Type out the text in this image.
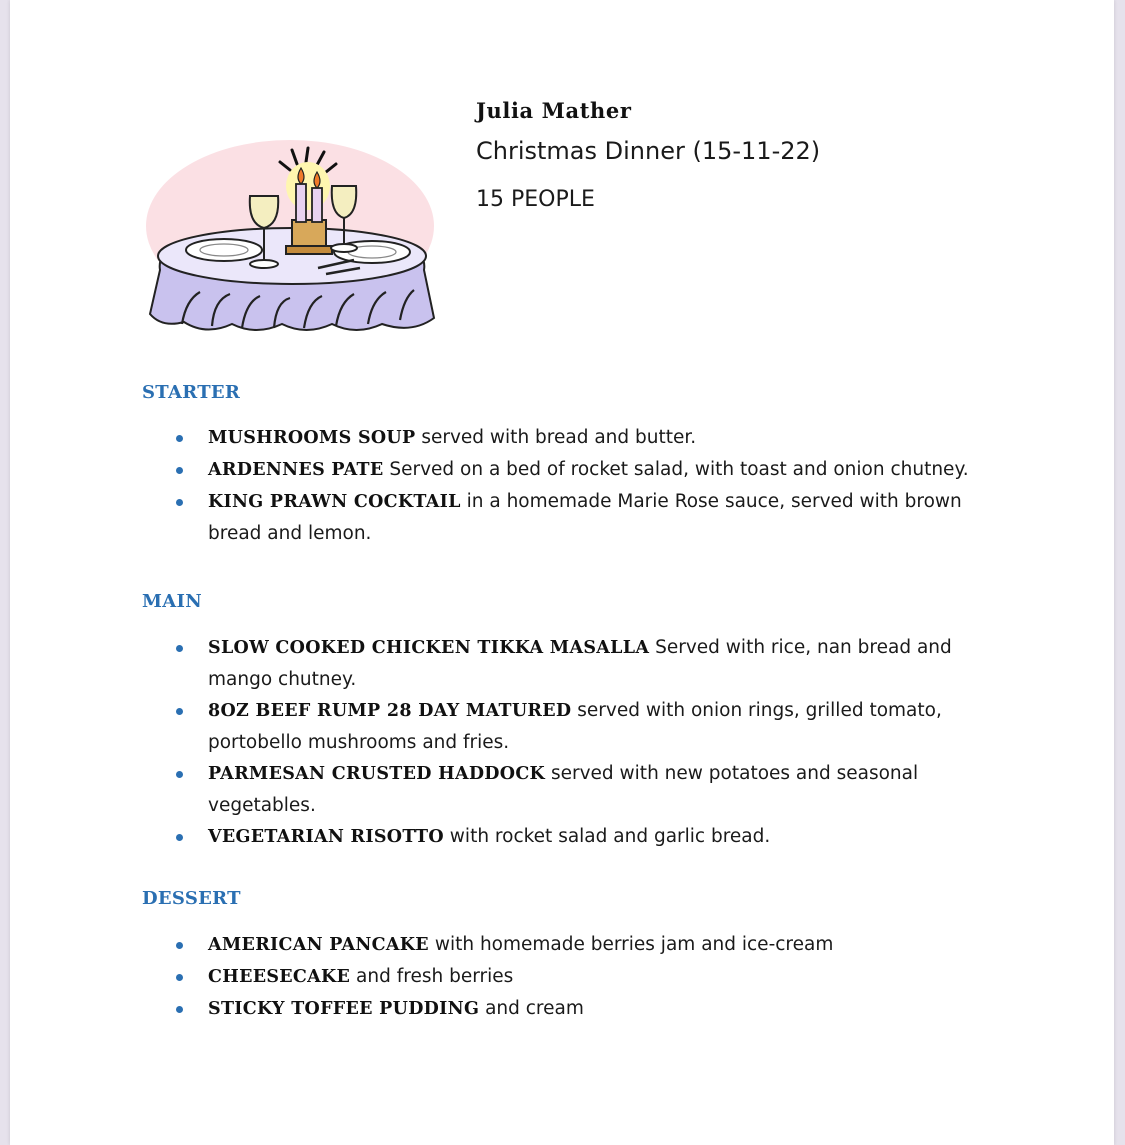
Julia Mather
Christmas Dinner (15-11-22)
15 PEOPLE
STARTER
MUSHROOMS SOUP served with bread and butter.
ARDENNES PATE Served on a bed of rocket salad, with toast and onion chutney.
KING PRAWN COCKTAIL in a homemade Marie Rose sauce, served with brown bread and lemon.
MAIN
SLOW COOKED CHICKEN TIKKA MASALLA Served with rice, nan bread and mango chutney.
8OZ BEEF RUMP 28 DAY MATURED served with onion rings, grilled tomato, portobello mushrooms and fries.
PARMESAN CRUSTED HADDOCK served with new potatoes and seasonal vegetables.
VEGETARIAN RISOTTO with rocket salad and garlic bread.
DESSERT
AMERICAN PANCAKE with homemade berries jam and ice-cream
CHEESECAKE and fresh berries
STICKY TOFFEE PUDDING and cream
